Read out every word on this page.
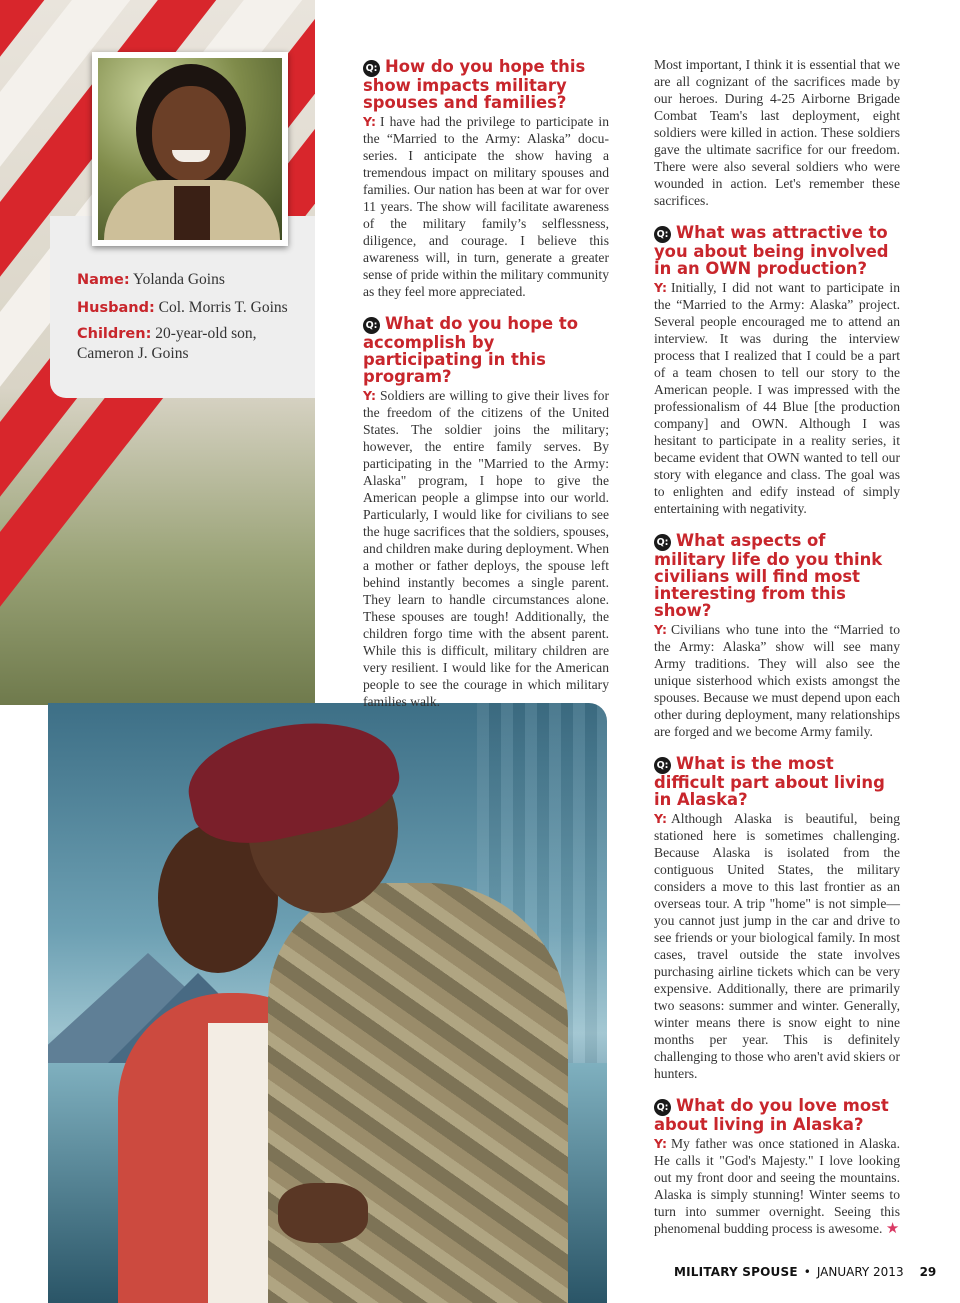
Name: Yolanda Goins

Husband: Col. Morris T. Goins

Children: 20-year-old son, Cameron J. Goins

Q: How do you hope this show impacts military spouses and families?

Y: I have had the privilege to participate in the “Married to the Army: Alaska” docu-series. I anticipate the show having a tremendous impact on military spouses and families. Our nation has been at war for over 11 years. The show will facilitate awareness of the military family’s selflessness, diligence, and courage. I believe this awareness will, in turn, generate a greater sense of pride within the military community as they feel more appreciated.

Q: What do you hope to accomplish by participating in this program?

Y: Soldiers are willing to give their lives for the freedom of the citizens of the United States. The soldier joins the military; however, the entire family serves. By participating in the "Married to the Army: Alaska" program, I hope to give the American people a glimpse into our world. Particularly, I would like for civilians to see the huge sacrifices that the soldiers, spouses, and children make during deployment. When a mother or father deploys, the spouse left behind instantly becomes a single parent. They learn to handle circumstances alone. These spouses are tough! Additionally, the children forgo time with the absent parent. While this is difficult, military children are very resilient. I would like for the American people to see the courage in which military families walk.

Most important, I think it is essential that we are all cognizant of the sacrifices made by our heroes. During 4-25 Airborne Brigade Combat Team's last deployment, eight soldiers were killed in action. These soldiers gave the ultimate sacrifice for our freedom. There were also several soldiers who were wounded in action. Let's remember these sacrifices.

Q: What was attractive to you about being involved in an OWN production?

Y: Initially, I did not want to participate in the “Married to the Army: Alaska” project. Several people encouraged me to attend an interview. It was during the interview process that I realized that I could be a part of a team chosen to tell our story to the American people. I was impressed with the professionalism of 44 Blue [the production company] and OWN. Although I was hesitant to participate in a reality series, it became evident that OWN wanted to tell our story with elegance and class. The goal was to enlighten and edify instead of simply entertaining with negativity.

Q: What aspects of military life do you think civilians will find most interesting from this show?

Y: Civilians who tune into the “Married to the Army: Alaska” show will see many Army traditions. They will also see the unique sisterhood which exists amongst the spouses. Because we must depend upon each other during deployment, many relationships are forged and we become Army family.

Q: What is the most difficult part about living in Alaska?

Y: Although Alaska is beautiful, being stationed here is sometimes challenging. Because Alaska is isolated from the contiguous United States, the military considers a move to this last frontier as an overseas tour. A trip "home" is not simple—you cannot just jump in the car and drive to see friends or your biological family. In most cases, travel outside the state involves purchasing airline tickets which can be very expensive. Additionally, there are primarily two seasons: summer and winter. Generally, winter means there is snow eight to nine months per year. This is definitely challenging to those who aren't avid skiers or hunters.

Q: What do you love most about living in Alaska?

Y: My father was once stationed in Alaska. He calls it "God's Majesty." I love looking out my front door and seeing the mountains. Alaska is simply stunning! Winter seems to turn into summer overnight. Seeing this phenomenal budding process is awesome. ★

MILITARY SPOUSE • JANUARY 2013 29
